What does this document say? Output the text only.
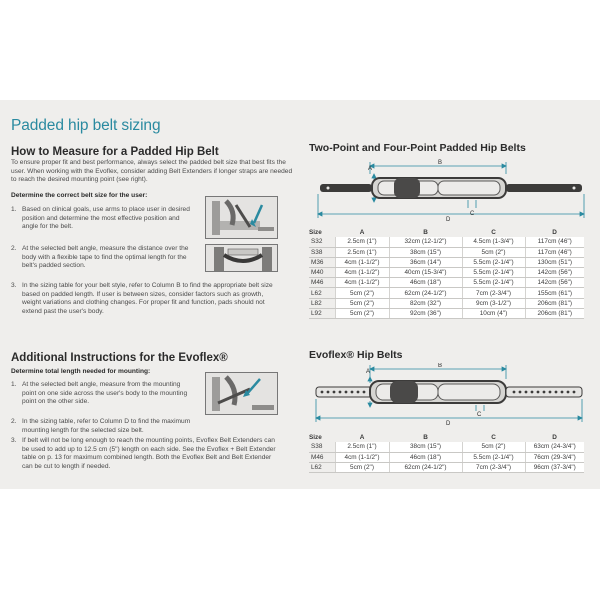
Padded hip belt sizing
How to Measure for a Padded Hip Belt
To ensure proper fit and best performance, always select the padded belt size that best fits the user. When working with the Evoflex, consider adding Belt Extenders if longer straps are needed to reach the desired mounting point (see right).
Determine the correct belt size for the user:
1. Based on clinical goals, use arms to place user in desired position and determine the most effective position and angle for the belt.
2. At the selected belt angle, measure the distance over the body with a flexible tape to find the optimal length for the belt's padded section.
3. In the sizing table for your belt style, refer to Column B to find the appropriate belt size based on padded length. If user is between sizes, consider factors such as growth, weight variations and clothing changes. For proper fit and function, pads should not extend past the user's body.
Additional Instructions for the Evoflex®
Determine total length needed for mounting:
1. At the selected belt angle, measure from the mounting point on one side across the user's body to the mounting point on the other side.
2. In the sizing table, refer to Column D to find the maximum mounting length for the selected size belt.
3. If belt will not be long enough to reach the mounting points, Evoflex Belt Extenders can be used to add up to 12.5 cm (5") length on each side. See the Evoflex + Belt Extender table on p. 13 for maximum combined length. Both the Evoflex Belt and Belt Extender can be cut to length if needed.
Two-Point and Four-Point Padded Hip Belts
A
B
C
D
Size	A	B	C	D
S32	2.5cm (1")	32cm (12-1/2")	4.5cm (1-3/4")	117cm (46")
S38	2.5cm (1")	38cm (15")	5cm (2")	117cm (46")
M36	4cm (1-1/2")	36cm (14")	5.5cm (2-1/4")	130cm (51")
M40	4cm (1-1/2")	40cm (15-3/4")	5.5cm (2-1/4")	142cm (56")
M46	4cm (1-1/2")	46cm (18")	5.5cm (2-1/4")	142cm (56")
L62	5cm (2")	62cm (24-1/2")	7cm (2-3/4")	155cm (61")
L82	5cm (2")	82cm (32")	9cm (3-1/2")	206cm (81")
L92	5cm (2")	92cm (36")	10cm (4")	206cm (81")
Evoflex® Hip Belts
A
B
C
D
Size	A	B	C	D
S38	2.5cm (1")	38cm (15")	5cm (2")	63cm (24-3/4")
M46	4cm (1-1/2")	46cm (18")	5.5cm (2-1/4")	76cm (29-3/4")
L62	5cm (2")	62cm (24-1/2")	7cm (2-3/4")	96cm (37-3/4")
